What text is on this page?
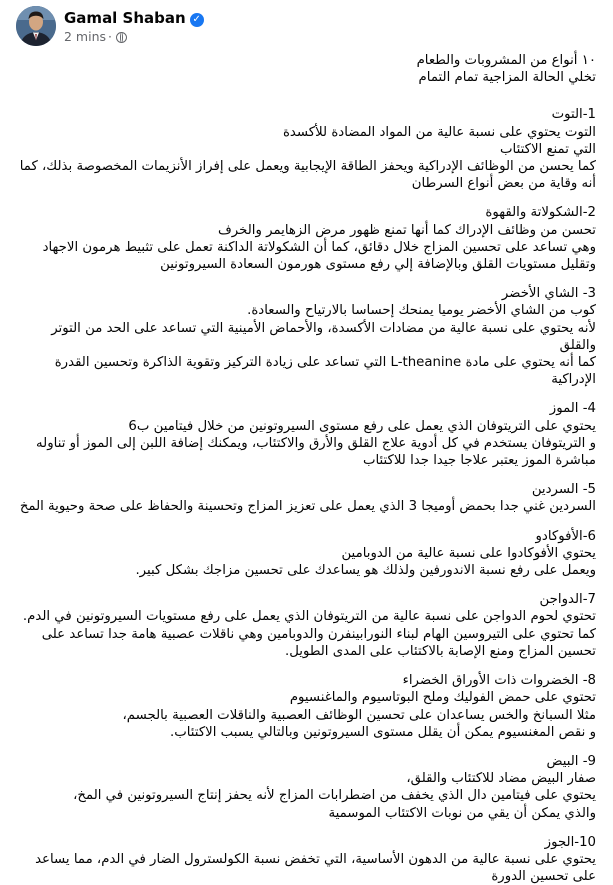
Gamal Shaban ✓
2 mins ·

١٠ أنواع من المشروبات والطعام

تخلي الحالة المزاجية تمام التمام

1-التوت

التوت يحتوي على نسبة عالية من المواد المضادة للأكسدة

التي تمنع الاكتئاب

كما يحسن من الوظائف الإدراكية ويحفز الطاقة الإيجابية ويعمل على إفراز الأنزيمات المخصوصة بذلك، كما أنه وقاية من بعض أنواع السرطان

2-الشكولاتة والقهوة

تحسن من وظائف الإدراك كما أنها تمنع ظهور مرض الزهايمر والخرف

وهي تساعد على تحسين المزاج خلال دقائق، كما أن الشكولاتة الداكنة تعمل على تثبيط هرمون الاجهاد وتقليل مستويات القلق وبالإضافة إلي رفع مستوى هورمون السعادة السيروتونين

3- الشاي الأخضر

كوب من الشاي الأخضر يوميا يمنحك إحساسا بالارتياح والسعادة.

لأنه يحتوي على نسبة عالية من مضادات الأكسدة، والأحماض الأمينية التي تساعد على الحد من التوتر والقلق

كما أنه يحتوي على مادة L-theanine التي تساعد على زيادة التركيز وتقوية الذاكرة وتحسين القدرة الإدراكية

4- الموز

يحتوي على التريتوفان الذي يعمل على رفع مستوى السيروتونين من خلال فيتامين ب6

و التريتوفان يستخدم في كل أدوية علاج القلق والأرق والاكتئاب، ويمكنك إضافة اللبن إلى الموز أو تناوله مباشرة الموز يعتبر علاجا جيدا جدا للاكتئاب

5- السردين

السردين غني جدا بحمض أوميجا 3 الذي يعمل على تعزيز المزاج وتحسينة والحفاظ على صحة وحيوية المخ

6-الأفوكادو

يحتوي الأفوكادوا على نسبة عالية من الدوبامين

ويعمل على رفع نسبة الاندورفين ولذلك هو يساعدك على تحسين مزاجك بشكل كبير.

7-الدواجن

تحتوي لحوم الدواجن على نسبة عالية من التريتوفان الذي يعمل على رفع مستويات السيروتونين في الدم.

كما تحتوي على التيروسين الهام لبناء النورابينفرن والدوبامين وهي ناقلات عصبية هامة جدا تساعد على تحسين المزاج ومنع الإصابة بالاكتئاب على المدى الطويل.

8- الخضروات ذات الأوراق الخضراء

تحتوي على حمض الفوليك وملح البوتاسيوم والماغنسيوم

مثلا السبانخ والخس يساعدان على تحسين الوظائف العصبية والناقلات العصبية بالجسم،

و نقص المغنسيوم يمكن أن يقلل مستوى السيروتونين وبالتالي يسبب الاكتئاب.

9- البيض

صفار البيض مضاد للاكتئاب والقلق،

يحتوي على فيتامين دال الذي يخفف من اضطرابات المزاج لأنه يحفز إنتاج السيروتونين في المخ،

والذي يمكن أن يقي من نوبات الاكتئاب الموسمية

10-الجوز

يحتوي على نسبة عالية من الدهون الأساسية، التي تخفض نسبة الكولسترول الضار في الدم، مما يساعد على تحسين الدورة
